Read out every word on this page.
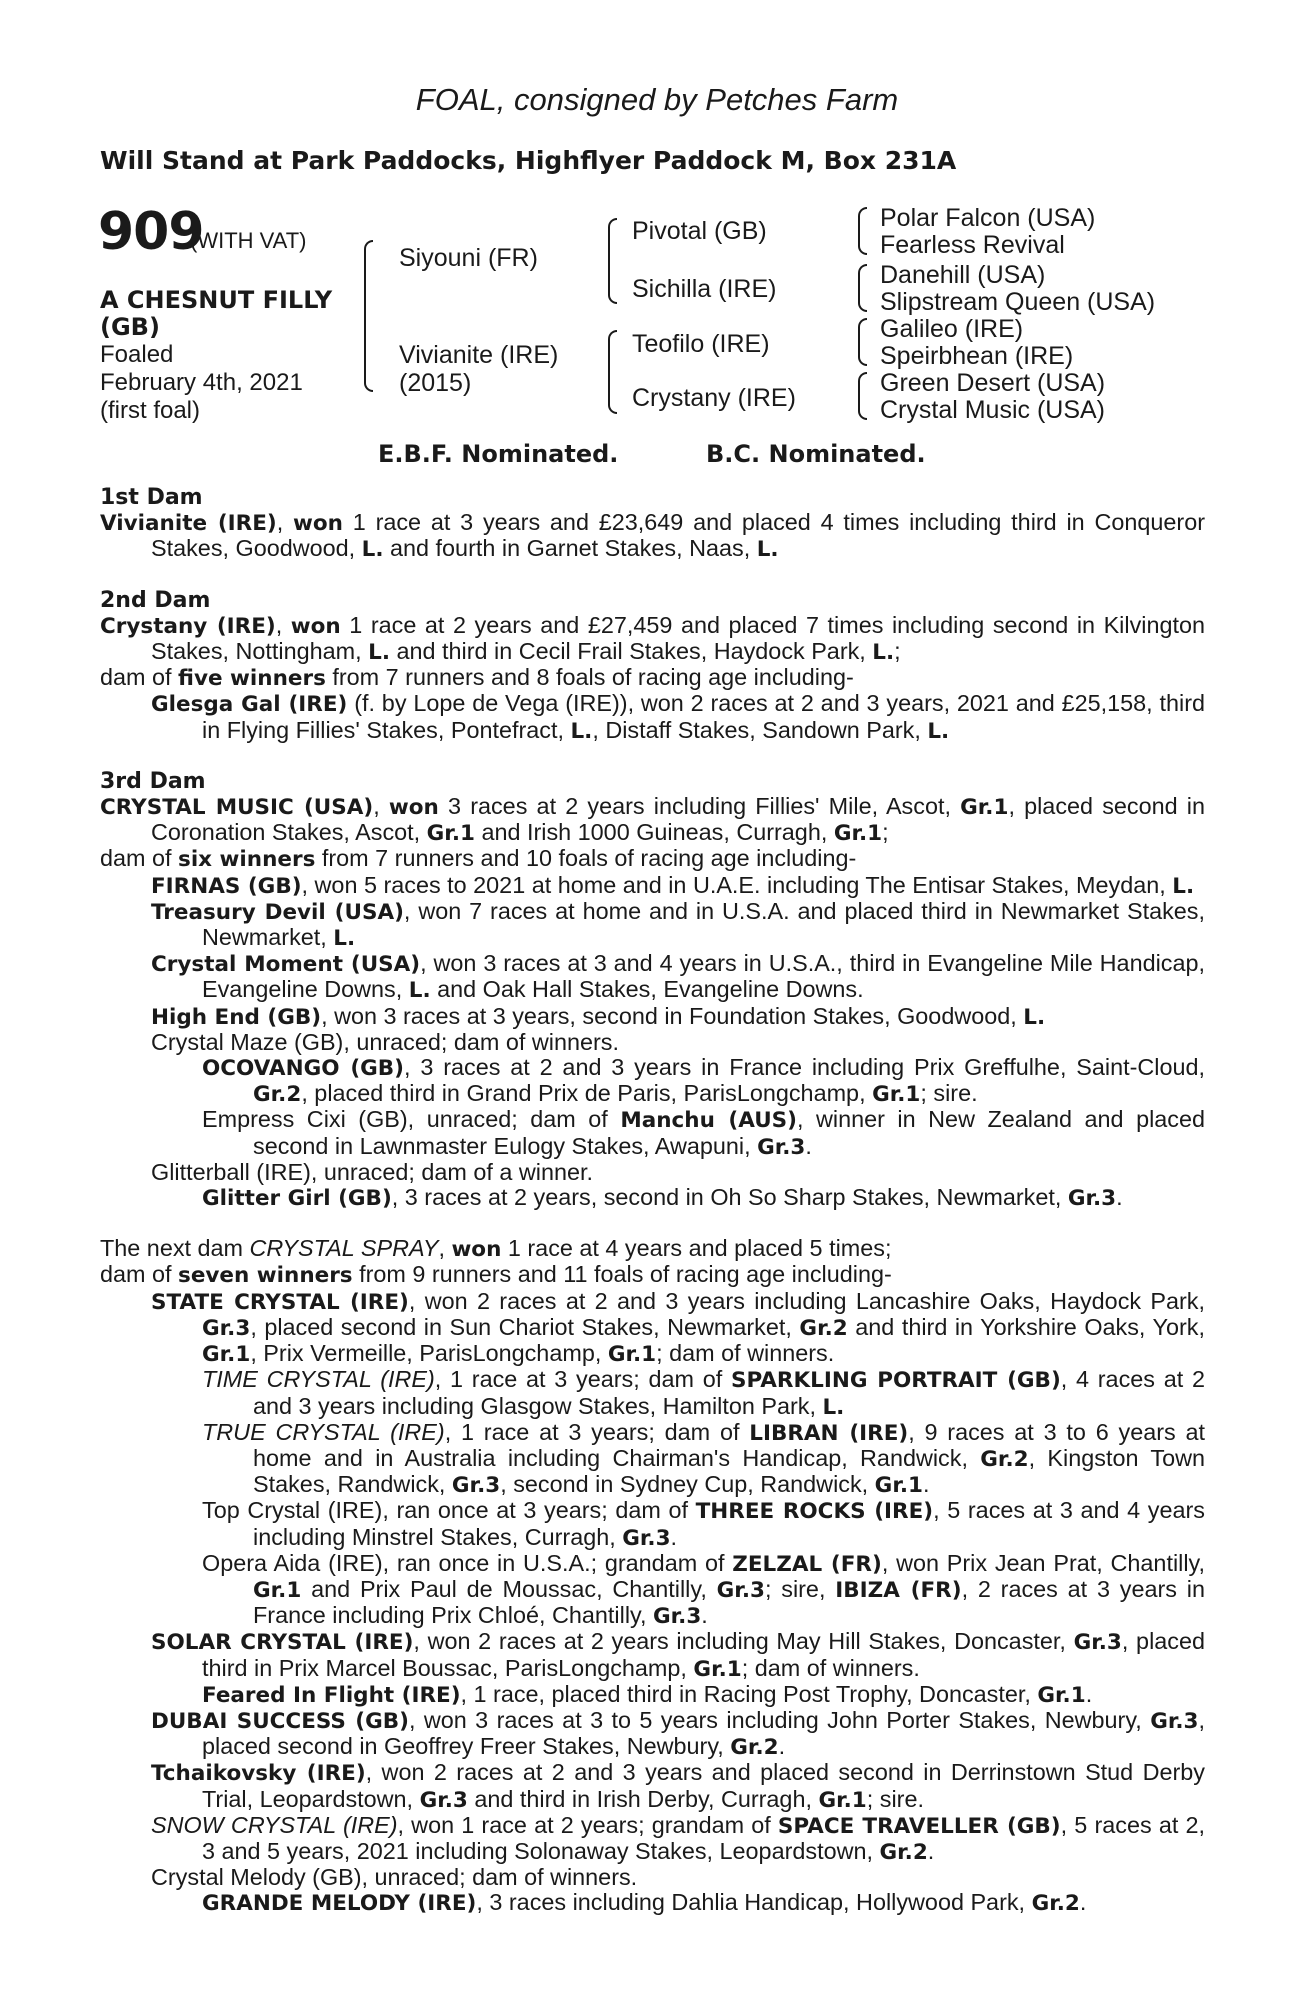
FOAL, consigned by Petches Farm
Will Stand at Park Paddocks, Highflyer Paddock M, Box 231A
909
(WITH VAT)
A CHESNUT FILLY
(GB)
Foaled
February 4th, 2021
(first foal)
Siyouni (FR)
Vivianite (IRE)
(2015)
Pivotal (GB)
Sichilla (IRE)
Teofilo (IRE)
Crystany (IRE)
Polar Falcon (USA)
Fearless Revival
Danehill (USA)
Slipstream Queen (USA)
Galileo (IRE)
Speirbhean (IRE)
Green Desert (USA)
Crystal Music (USA)
E.B.F. Nominated.	B.C. Nominated.

1st Dam

Vivianite (IRE), won 1 race at 3 years and £23,649 and placed 4 times including third in Conqueror Stakes, Goodwood, L. and fourth in Garnet Stakes, Naas, L.

2nd Dam

Crystany (IRE), won 1 race at 2 years and £27,459 and placed 7 times including second in Kilvington Stakes, Nottingham, L. and third in Cecil Frail Stakes, Haydock Park, L.;

dam of five winners from 7 runners and 8 foals of racing age including-

Glesga Gal (IRE) (f. by Lope de Vega (IRE)), won 2 races at 2 and 3 years, 2021 and £25,158, third in Flying Fillies' Stakes, Pontefract, L., Distaff Stakes, Sandown Park, L.

3rd Dam

CRYSTAL MUSIC (USA), won 3 races at 2 years including Fillies' Mile, Ascot, Gr.1, placed second in Coronation Stakes, Ascot, Gr.1 and Irish 1000 Guineas, Curragh, Gr.1;

dam of six winners from 7 runners and 10 foals of racing age including-

FIRNAS (GB), won 5 races to 2021 at home and in U.A.E. including The Entisar Stakes, Meydan, L.

Treasury Devil (USA), won 7 races at home and in U.S.A. and placed third in Newmarket Stakes, Newmarket, L.

Crystal Moment (USA), won 3 races at 3 and 4 years in U.S.A., third in Evangeline Mile Handicap, Evangeline Downs, L. and Oak Hall Stakes, Evangeline Downs.

High End (GB), won 3 races at 3 years, second in Foundation Stakes, Goodwood, L.

Crystal Maze (GB), unraced; dam of winners.

OCOVANGO (GB), 3 races at 2 and 3 years in France including Prix Greffulhe, Saint-Cloud, Gr.2, placed third in Grand Prix de Paris, ParisLongchamp, Gr.1; sire.

Empress Cixi (GB), unraced; dam of Manchu (AUS), winner in New Zealand and placed second in Lawnmaster Eulogy Stakes, Awapuni, Gr.3.

Glitterball (IRE), unraced; dam of a winner.

Glitter Girl (GB), 3 races at 2 years, second in Oh So Sharp Stakes, Newmarket, Gr.3.

The next dam CRYSTAL SPRAY, won 1 race at 4 years and placed 5 times;

dam of seven winners from 9 runners and 11 foals of racing age including-

STATE CRYSTAL (IRE), won 2 races at 2 and 3 years including Lancashire Oaks, Haydock Park, Gr.3, placed second in Sun Chariot Stakes, Newmarket, Gr.2 and third in Yorkshire Oaks, York, Gr.1, Prix Vermeille, ParisLongchamp, Gr.1; dam of winners.

TIME CRYSTAL (IRE), 1 race at 3 years; dam of SPARKLING PORTRAIT (GB), 4 races at 2 and 3 years including Glasgow Stakes, Hamilton Park, L.

TRUE CRYSTAL (IRE), 1 race at 3 years; dam of LIBRAN (IRE), 9 races at 3 to 6 years at home and in Australia including Chairman's Handicap, Randwick, Gr.2, Kingston Town Stakes, Randwick, Gr.3, second in Sydney Cup, Randwick, Gr.1.

Top Crystal (IRE), ran once at 3 years; dam of THREE ROCKS (IRE), 5 races at 3 and 4 years including Minstrel Stakes, Curragh, Gr.3.

Opera Aida (IRE), ran once in U.S.A.; grandam of ZELZAL (FR), won Prix Jean Prat, Chantilly, Gr.1 and Prix Paul de Moussac, Chantilly, Gr.3; sire, IBIZA (FR), 2 races at 3 years in France including Prix Chloé, Chantilly, Gr.3.

SOLAR CRYSTAL (IRE), won 2 races at 2 years including May Hill Stakes, Doncaster, Gr.3, placed third in Prix Marcel Boussac, ParisLongchamp, Gr.1; dam of winners.

Feared In Flight (IRE), 1 race, placed third in Racing Post Trophy, Doncaster, Gr.1.

DUBAI SUCCESS (GB), won 3 races at 3 to 5 years including John Porter Stakes, Newbury, Gr.3, placed second in Geoffrey Freer Stakes, Newbury, Gr.2.

Tchaikovsky (IRE), won 2 races at 2 and 3 years and placed second in Derrinstown Stud Derby Trial, Leopardstown, Gr.3 and third in Irish Derby, Curragh, Gr.1; sire.

SNOW CRYSTAL (IRE), won 1 race at 2 years; grandam of SPACE TRAVELLER (GB), 5 races at 2, 3 and 5 years, 2021 including Solonaway Stakes, Leopardstown, Gr.2.

Crystal Melody (GB), unraced; dam of winners.

GRANDE MELODY (IRE), 3 races including Dahlia Handicap, Hollywood Park, Gr.2.
